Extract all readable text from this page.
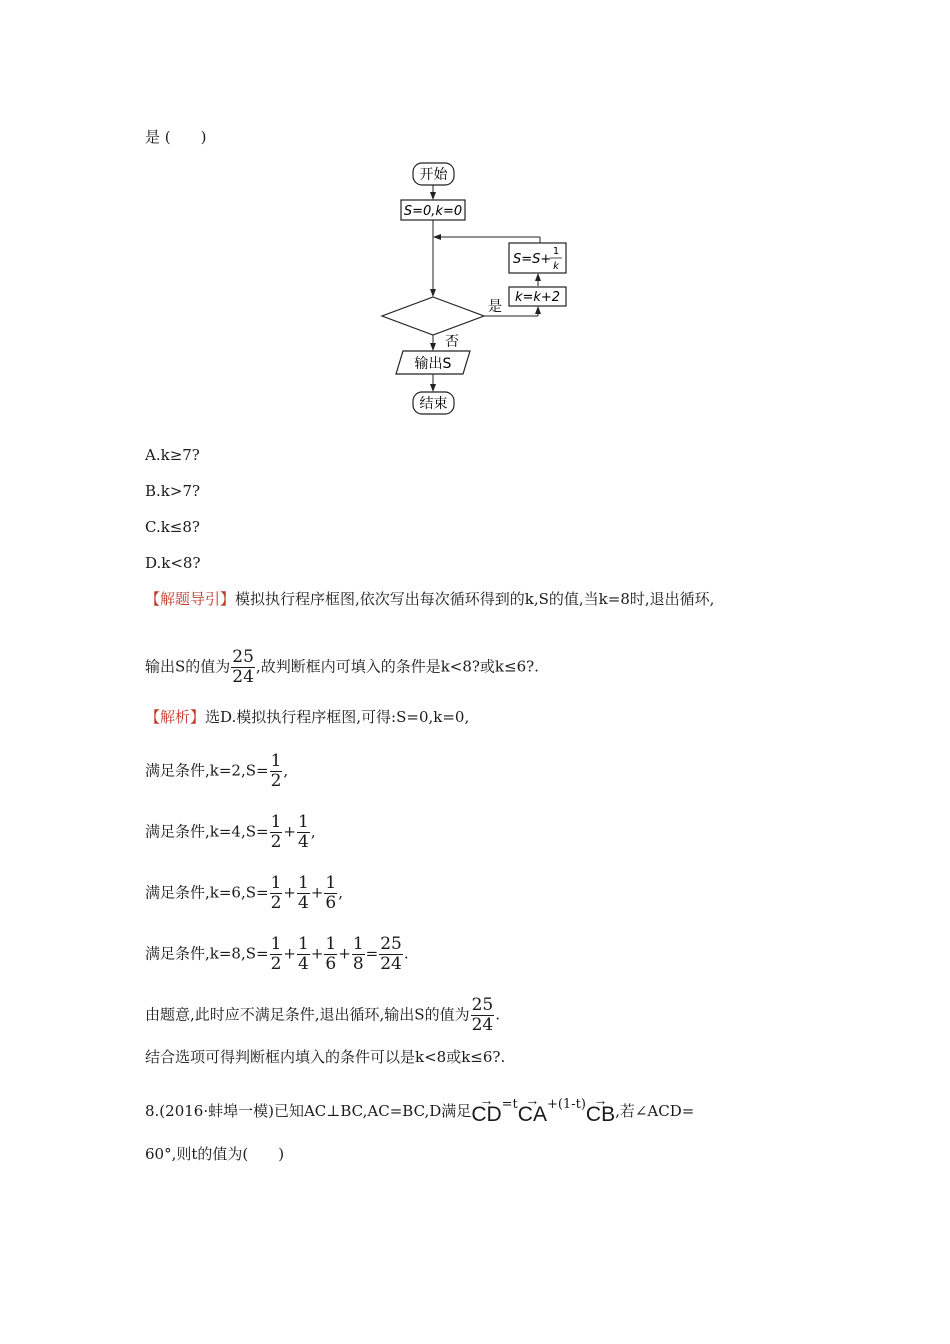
是 (　　)
开始
S=0,k=0
S=S+
1
k
k=k+2
是
否
输出S
结束
A.k≥7?
B.k>7?
C.k≤8?
D.k<8?
【解题导引】模拟执行程序框图,依次写出每次循环得到的k,S的值,当k=8时,退出循环,
输出S的值为 $\frac{25}{24}$ ,故判断框内可填入的条件是k<8?或k≤6?.
【解析】选D.模拟执行程序框图,可得:S=0,k=0,
满足条件$,k=2,S= \frac{1}{2}$ ,
满足条件$,k=4,S= \frac{1}{2} + \frac{1}{4}$ ,
满足条件$,k=6,S= \frac{1}{2} + \frac{1}{4} + \frac{1}{6}$ ,
满足条件$,k=8,S= \frac{1}{2} + \frac{1}{4} + \frac{1}{6} + \frac{1}{8} = \frac{25}{24}$ .
由题意,此时应不满足条件,退出循环,输出S的值为 $\frac{25}{24}$ .
结合选项可得判断框内填入的条件可以是k<8或k≤6?.
8.(2016·蚌埠一模)已知AC⊥BC,AC=BC,D满足→ CD=t→ CA+(1-t)→ CB,若∠ACD=
60°,则t的值为(　　)
